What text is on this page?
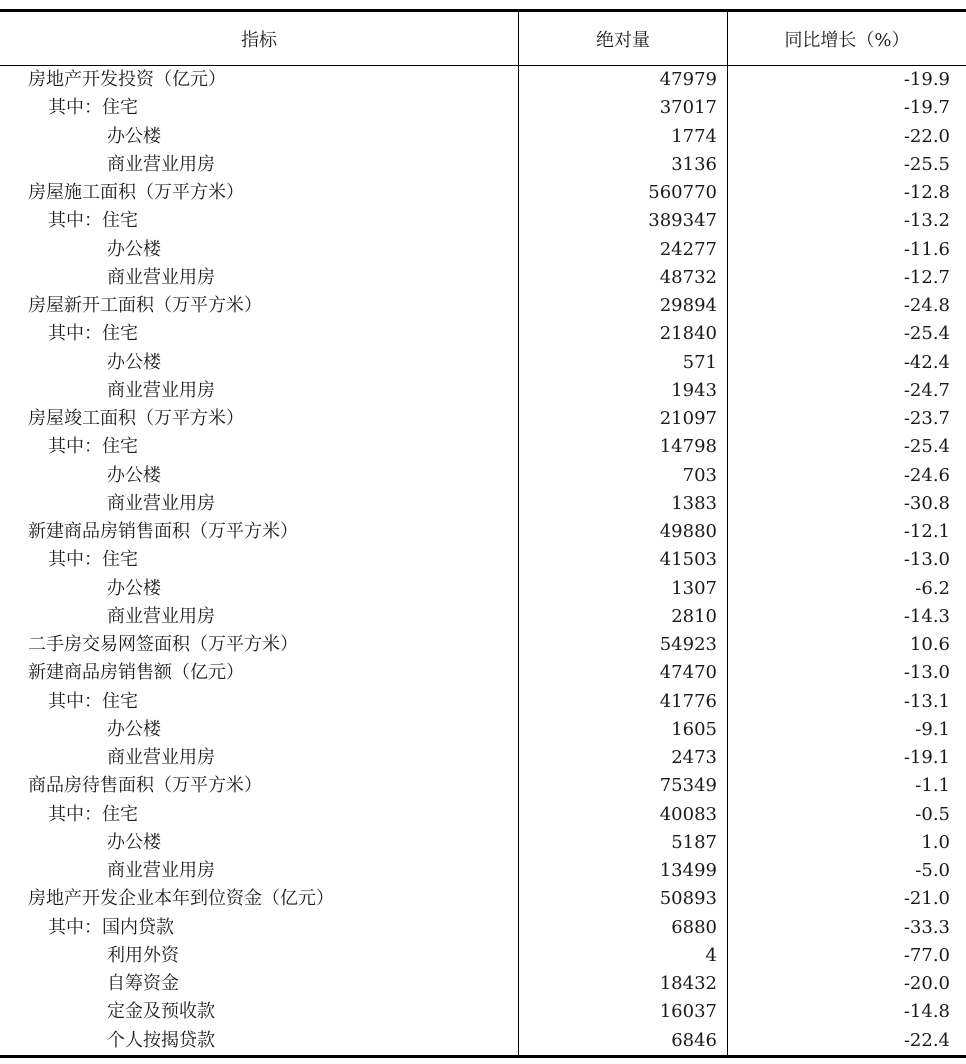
指标	绝对量	同比增长（%）
房地产开发投资（亿元）	47979	-19.9
其中：住宅	37017	-19.7
办公楼	1774	-22.0
商业营业用房	3136	-25.5
房屋施工面积（万平方米）	560770	-12.8
其中：住宅	389347	-13.2
办公楼	24277	-11.6
商业营业用房	48732	-12.7
房屋新开工面积（万平方米）	29894	-24.8
其中：住宅	21840	-25.4
办公楼	571	-42.4
商业营业用房	1943	-24.7
房屋竣工面积（万平方米）	21097	-23.7
其中：住宅	14798	-25.4
办公楼	703	-24.6
商业营业用房	1383	-30.8
新建商品房销售面积（万平方米）	49880	-12.1
其中：住宅	41503	-13.0
办公楼	1307	-6.2
商业营业用房	2810	-14.3
二手房交易网签面积（万平方米）	54923	10.6
新建商品房销售额（亿元）	47470	-13.0
其中：住宅	41776	-13.1
办公楼	1605	-9.1
商业营业用房	2473	-19.1
商品房待售面积（万平方米）	75349	-1.1
其中：住宅	40083	-0.5
办公楼	5187	1.0
商业营业用房	13499	-5.0
房地产开发企业本年到位资金（亿元）	50893	-21.0
其中：国内贷款	6880	-33.3
利用外资	4	-77.0
自筹资金	18432	-20.0
定金及预收款	16037	-14.8
个人按揭贷款	6846	-22.4
